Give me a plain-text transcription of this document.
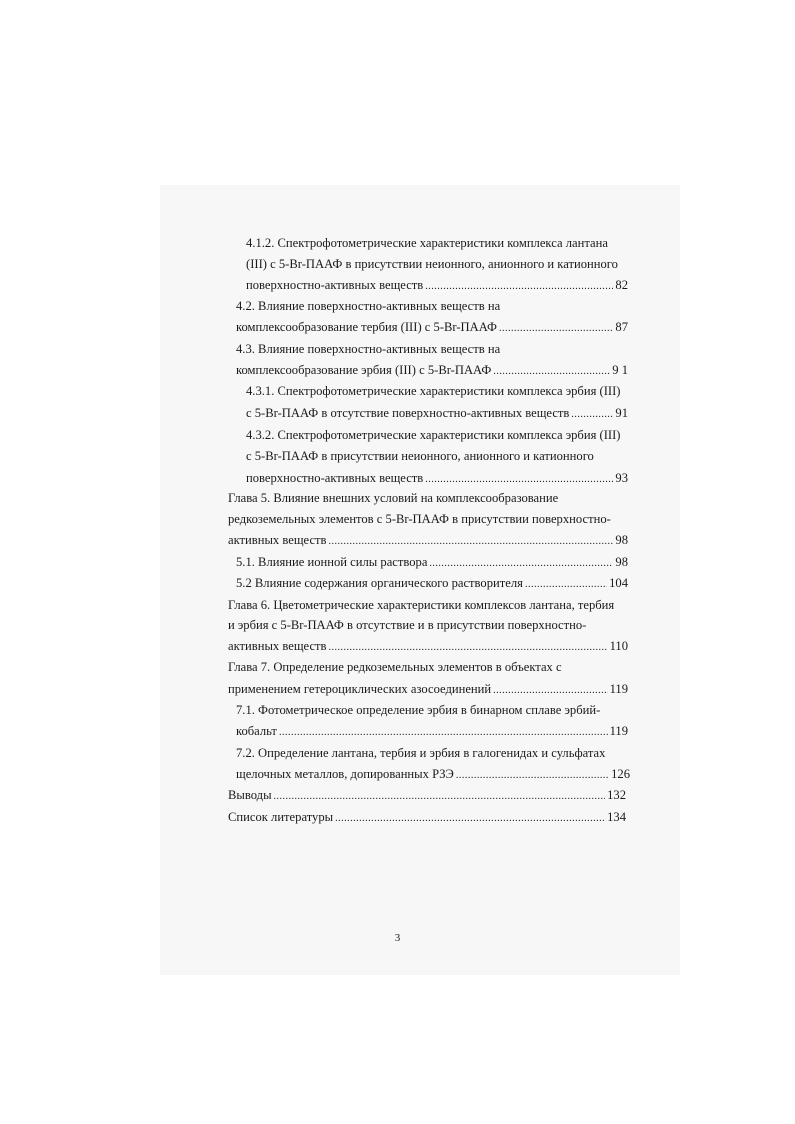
4.1.2. Спектрофотометрические характеристики комплекса лантана
(III) с 5-Br-ПААФ в присутствии неионного, анионного и катионного
поверхностно-активных веществ .....	82
4.2. Влияние поверхностно-активных веществ на
комплексообразование тербия (III) с 5-Br-ПААФ .....	87
4.3. Влияние поверхностно-активных веществ на
комплексообразование эрбия (III) с 5-Br-ПААФ .....	9 1
4.3.1. Спектрофотометрические характеристики комплекса эрбия (III)
с 5-Br-ПААФ в отсутствие поверхностно-активных веществ .....	91
4.3.2. Спектрофотометрические характеристики комплекса эрбия (III)
с 5-Br-ПААФ в присутствии неионного, анионного и катионного
поверхностно-активных веществ .....	93
Глава 5. Влияние внешних условий на комплексообразование
редкоземельных элементов с 5-Br-ПААФ в присутствии поверхностно-
активных веществ .....	98
5.1. Влияние ионной силы раствора .....	98
5.2 Влияние содержания органического растворителя .....	104
Глава 6. Цветометрические характеристики комплексов лантана, тербия
и эрбия с 5-Br-ПААФ в отсутствие и в присутствии поверхностно-
активных веществ .....	110
Глава 7. Определение редкоземельных элементов в объектах с
применением гетероциклических азосоединений .....	119
7.1. Фотометрическое определение эрбия в бинарном сплаве эрбий-
кобальт .....	119
7.2. Определение лантана, тербия и эрбия в галогенидах и сульфатах
щелочных металлов, допированных РЗЭ .....	126
Выводы .....	132
Список литературы .....	134
3
